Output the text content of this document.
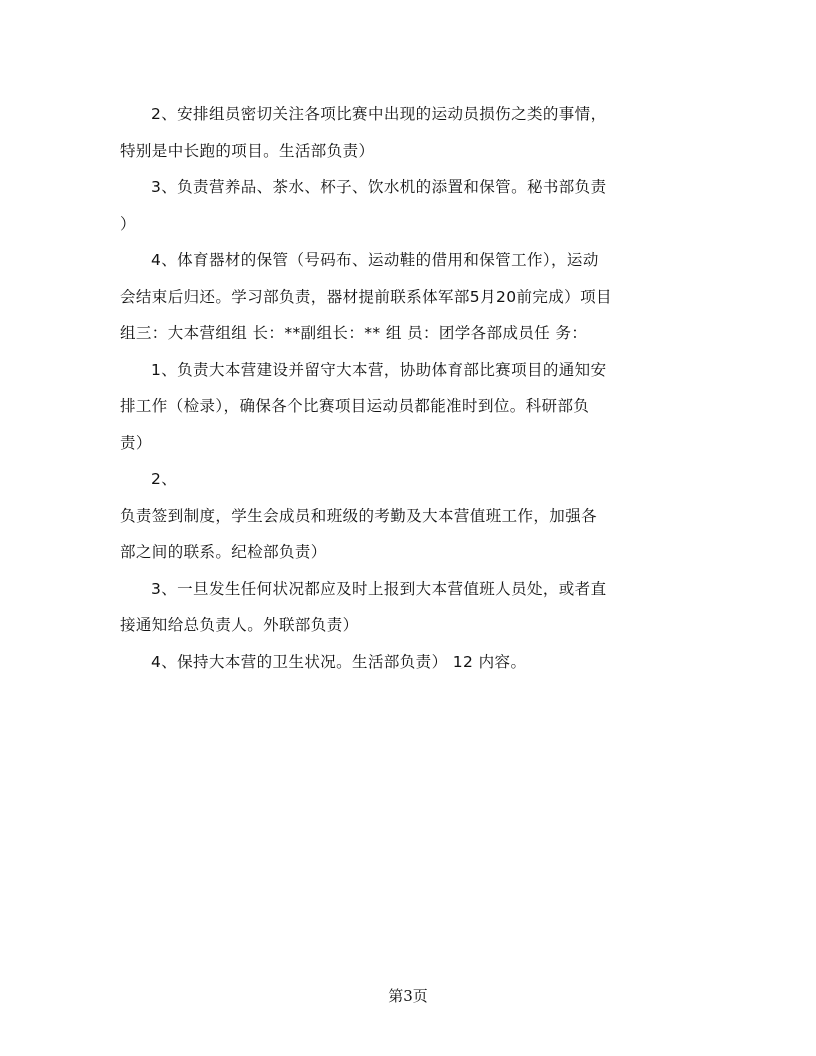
2、安排组员密切关注各项比赛中出现的运动员损伤之类的事情，
特别是中长跑的项目。生活部负责）
3、负责营养品、茶水、杯子、饮水机的添置和保管。秘书部负责
）
4、体育器材的保管（号码布、运动鞋的借用和保管工作），运动
会结束后归还。学习部负责，器材提前联系体军部5月20前完成）项目
组三：大本营组组 长：**副组长：** 组 员：团学各部成员任 务：
1、负责大本营建设并留守大本营，协助体育部比赛项目的通知安
排工作（检录），确保各个比赛项目运动员都能准时到位。科研部负
责）
2、
负责签到制度，学生会成员和班级的考勤及大本营值班工作，加强各
部之间的联系。纪检部负责）
3、一旦发生任何状况都应及时上报到大本营值班人员处，或者直
接通知给总负责人。外联部负责）
4、保持大本营的卫生状况。生活部负责） 12 内容。
第3页
